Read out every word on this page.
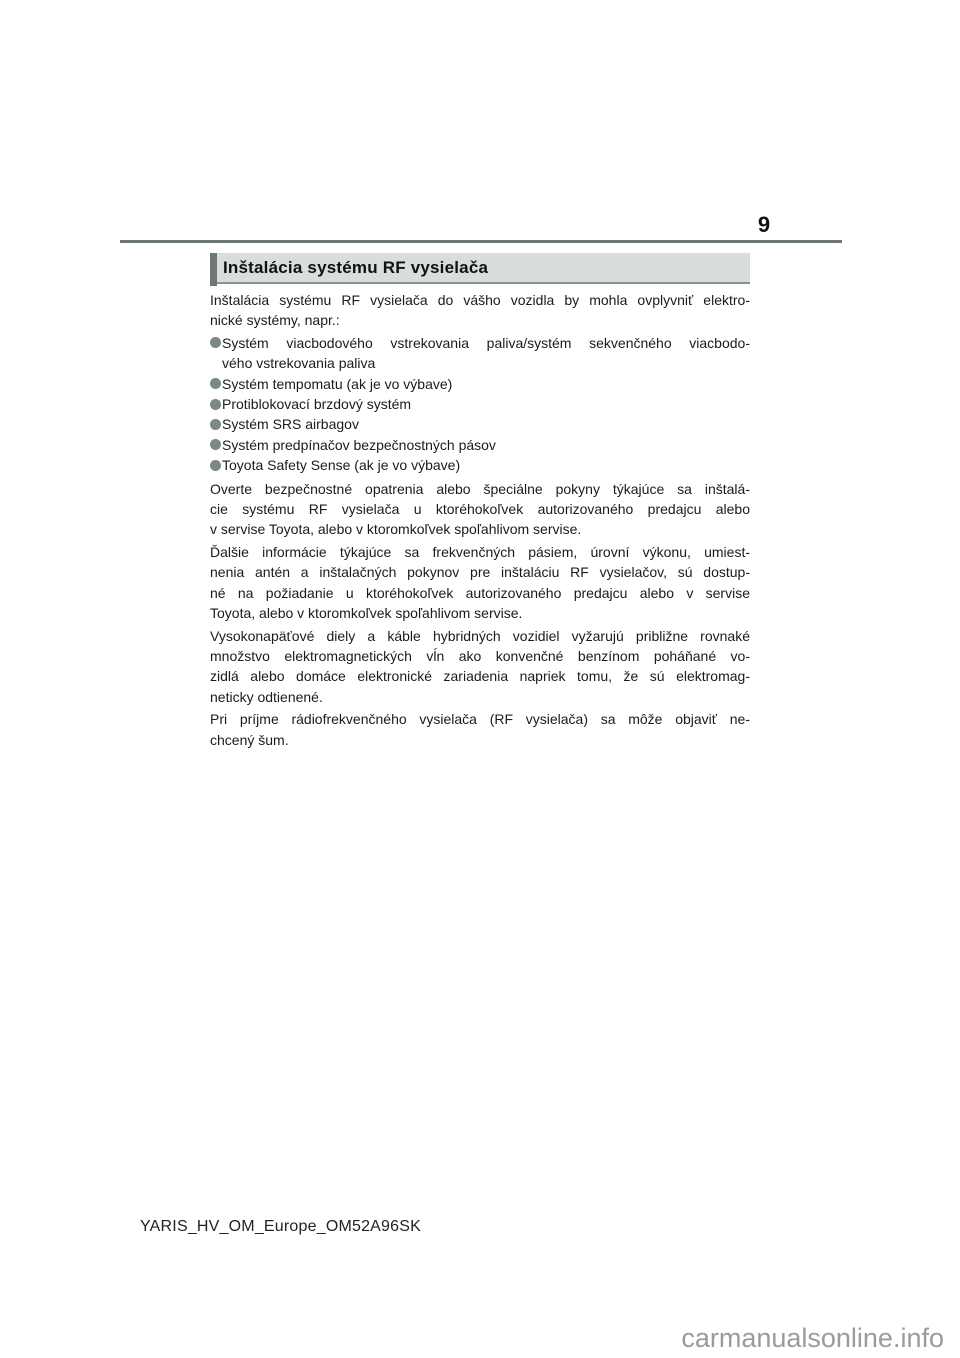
9
Inštalácia systému RF vysielača
Inštalácia systému RF vysielača do vášho vozidla by mohla ovplyvniť elektro-
nické systémy, napr.:
Systém viacbodového vstrekovania paliva/systém sekvenčného viacbodo-
vého vstrekovania paliva
Systém tempomatu (ak je vo výbave)
Protiblokovací brzdový systém
Systém SRS airbagov
Systém predpínačov bezpečnostných pásov
Toyota Safety Sense (ak je vo výbave)
Overte bezpečnostné opatrenia alebo špeciálne pokyny týkajúce sa inštalá-
cie systému RF vysielača u ktoréhokoľvek autorizovaného predajcu alebo
v servise Toyota, alebo v ktoromkoľvek spoľahlivom servise.
Ďalšie informácie týkajúce sa frekvenčných pásiem, úrovní výkonu, umiest-
nenia antén a inštalačných pokynov pre inštaláciu RF vysielačov, sú dostup-
né na požiadanie u ktoréhokoľvek autorizovaného predajcu alebo v servise
Toyota, alebo v ktoromkoľvek spoľahlivom servise.
Vysokonapäťové diely a káble hybridných vozidiel vyžarujú približne rovnaké
množstvo elektromagnetických vĺn ako konvenčné benzínom poháňané vo-
zidlá alebo domáce elektronické zariadenia napriek tomu, že sú elektromag-
neticky odtienené.
Pri príjme rádiofrekvenčného vysielača (RF vysielača) sa môže objaviť ne-
chcený šum.
YARIS_HV_OM_Europe_OM52A96SK
carmanualsonline.info
